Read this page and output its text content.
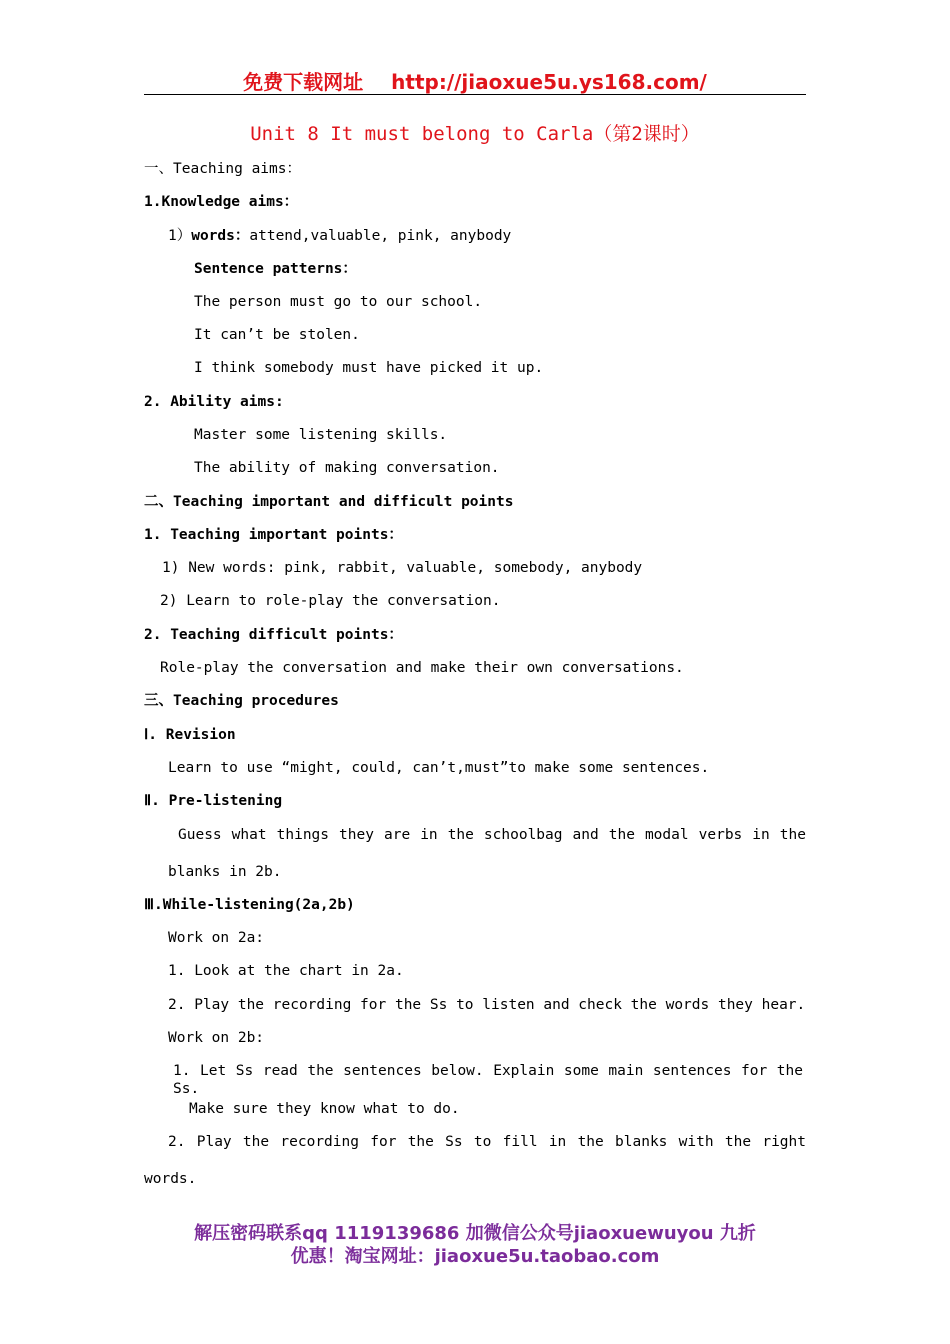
免费下载网址 http://jiaoxue5u.ys168.com/
Unit 8 It must belong to Carla（第2课时）
一、Teaching aims：
1.Knowledge aims：
1）words：attend,valuable, pink, anybody
Sentence patterns：
The person must go to our school.
It can’t be stolen.
I think somebody must have picked it up.
2. Ability aims:
Master some listening skills.
The ability of making conversation.
二、Teaching important and difficult points
1. Teaching important points：
1) New words: pink, rabbit, valuable, somebody, anybody
2) Learn to role-play the conversation.
2. Teaching difficult points：
Role-play the conversation and make their own conversations.
三、Teaching procedures
Ⅰ. Revision
Learn to use “might, could, can’t,must”to make some sentences.
Ⅱ. Pre-listening
Guess what things they are in the schoolbag and the modal verbs in the
blanks in 2b.
Ⅲ.While-listening(2a,2b)
Work on 2a:
1. Look at the chart in 2a.
2. Play the recording for the Ss to listen and check the words they hear.
Work on 2b:
1. Let Ss read the sentences below. Explain some main sentences for the Ss.
Make sure they know what to do.
2. Play the recording for the Ss to fill in the blanks with the right
words.
解压密码联系qq 1119139686 加微信公众号jiaoxuewuyou 九折
优惠！淘宝网址：jiaoxue5u.taobao.com
